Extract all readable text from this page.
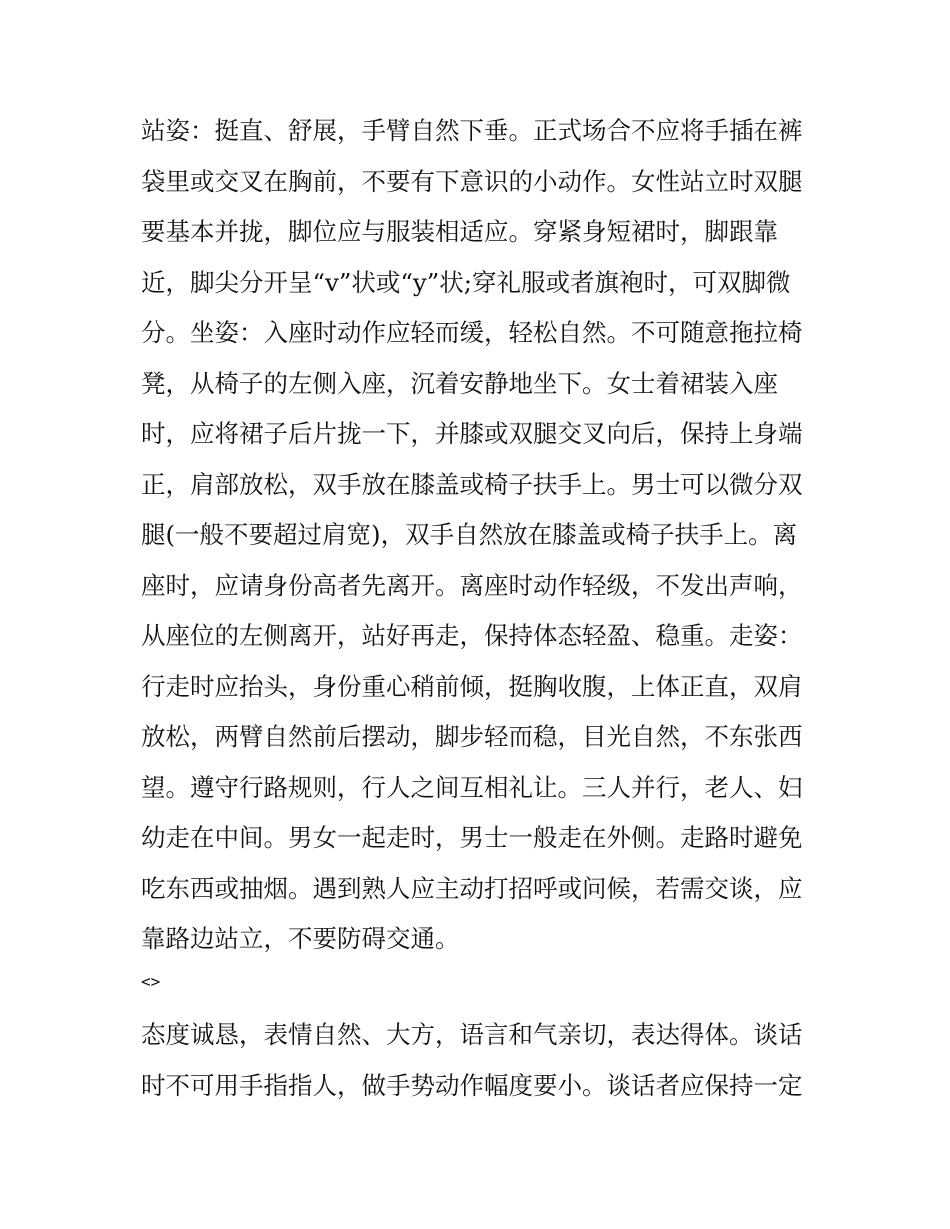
站姿：挺直、舒展，手臂自然下垂。正式场合不应将手插在裤
袋里或交叉在胸前，不要有下意识的小动作。女性站立时双腿
要基本并拢，脚位应与服装相适应。穿紧身短裙时，脚跟靠
近，脚尖分开呈“v”状或“y”状;穿礼服或者旗袍时，可双脚微
分。坐姿：入座时动作应轻而缓，轻松自然。不可随意拖拉椅
凳，从椅子的左侧入座，沉着安静地坐下。女士着裙装入座
时，应将裙子后片拢一下，并膝或双腿交叉向后，保持上身端
正，肩部放松，双手放在膝盖或椅子扶手上。男士可以微分双
腿(一般不要超过肩宽)，双手自然放在膝盖或椅子扶手上。离
座时，应请身份高者先离开。离座时动作轻级，不发出声响，
从座位的左侧离开，站好再走，保持体态轻盈、稳重。走姿：
行走时应抬头，身份重心稍前倾，挺胸收腹，上体正直，双肩
放松，两臂自然前后摆动，脚步轻而稳，目光自然，不东张西
望。遵守行路规则，行人之间互相礼让。三人并行，老人、妇
幼走在中间。男女一起走时，男士一般走在外侧。走路时避免
吃东西或抽烟。遇到熟人应主动打招呼或问候，若需交谈，应
靠路边站立，不要防碍交通。
<>
态度诚恳，表情自然、大方，语言和气亲切，表达得体。谈话
时不可用手指指人，做手势动作幅度要小。谈话者应保持一定
